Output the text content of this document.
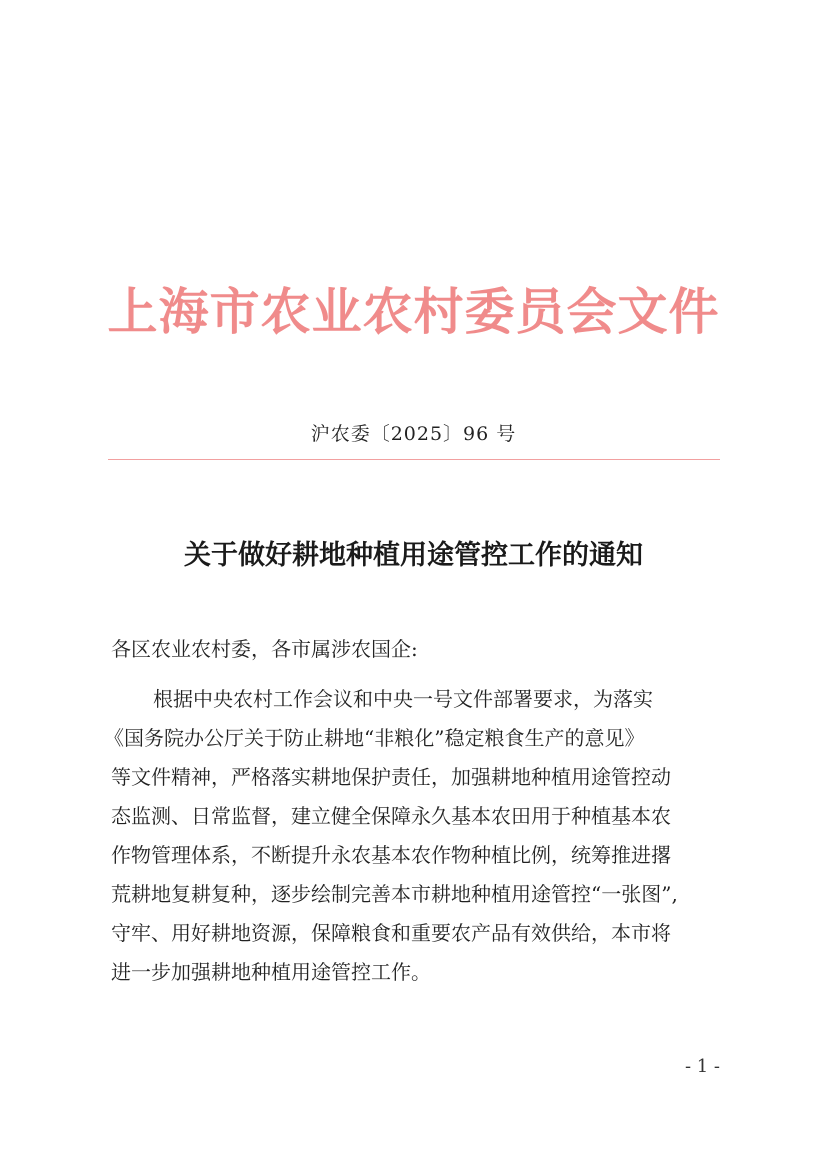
上海市农业农村委员会文件
沪农委〔2025〕96 号
关于做好耕地种植用途管控工作的通知
各区农业农村委，各市属涉农国企:
根据中央农村工作会议和中央一号文件部署要求，为落实
《国务院办公厅关于防止耕地“非粮化”稳定粮食生产的意见》
等文件精神，严格落实耕地保护责任，加强耕地种植用途管控动
态监测、日常监督，建立健全保障永久基本农田用于种植基本农
作物管理体系，不断提升永农基本农作物种植比例，统筹推进撂
荒耕地复耕复种，逐步绘制完善本市耕地种植用途管控“一张图”,
守牢、用好耕地资源，保障粮食和重要农产品有效供给，本市将
进一步加强耕地种植用途管控工作。
- 1 -
